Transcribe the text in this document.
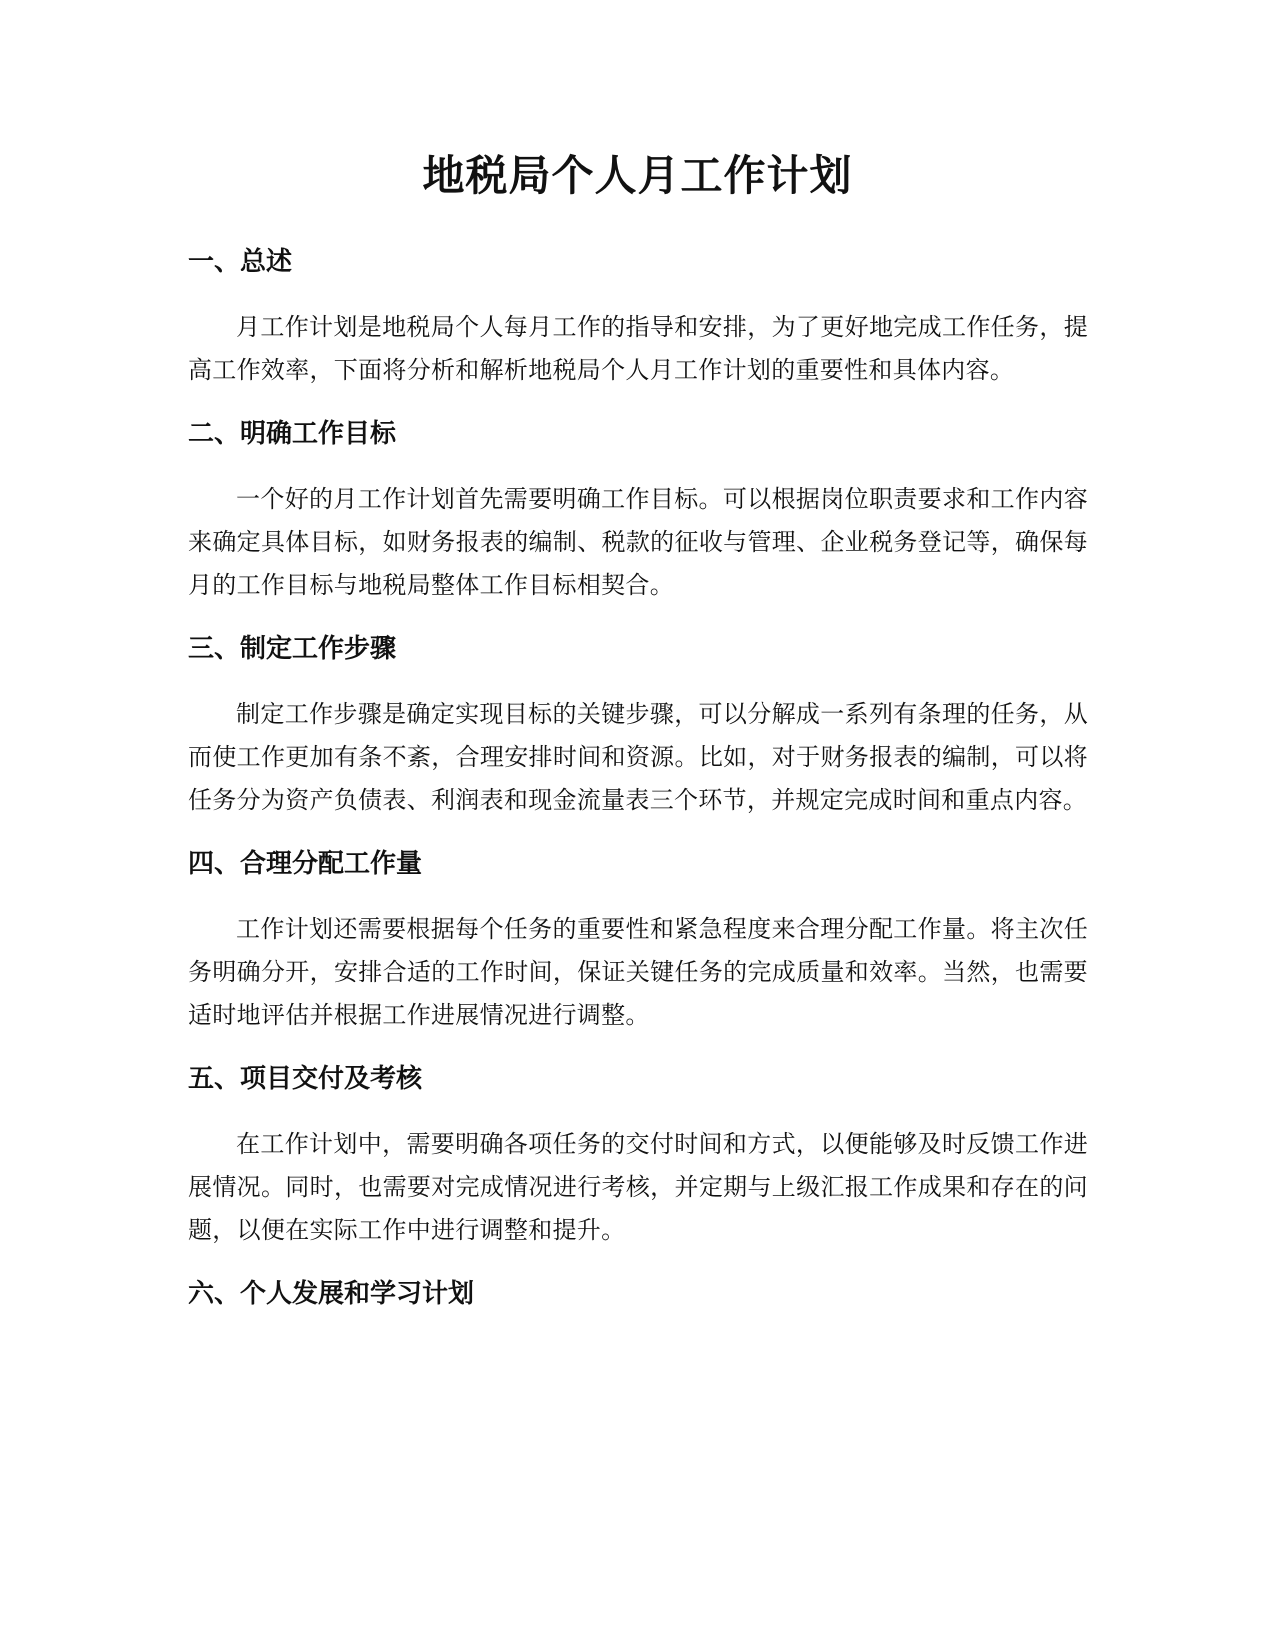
地税局个人月工作计划
一、总述

月工作计划是地税局个人每月工作的指导和安排，为了更好地完成工作任务，提高工作效率，下面将分析和解析地税局个人月工作计划的重要性和具体内容。

二、明确工作目标

一个好的月工作计划首先需要明确工作目标。可以根据岗位职责要求和工作内容来确定具体目标，如财务报表的编制、税款的征收与管理、企业税务登记等，确保每月的工作目标与地税局整体工作目标相契合。

三、制定工作步骤

制定工作步骤是确定实现目标的关键步骤，可以分解成一系列有条理的任务，从而使工作更加有条不紊，合理安排时间和资源。比如，对于财务报表的编制，可以将任务分为资产负债表、利润表和现金流量表三个环节，并规定完成时间和重点内容。

四、合理分配工作量

工作计划还需要根据每个任务的重要性和紧急程度来合理分配工作量。将主次任务明确分开，安排合适的工作时间，保证关键任务的完成质量和效率。当然，也需要适时地评估并根据工作进展情况进行调整。

五、项目交付及考核

在工作计划中，需要明确各项任务的交付时间和方式，以便能够及时反馈工作进展情况。同时，也需要对完成情况进行考核，并定期与上级汇报工作成果和存在的问题，以便在实际工作中进行调整和提升。

六、个人发展和学习计划
